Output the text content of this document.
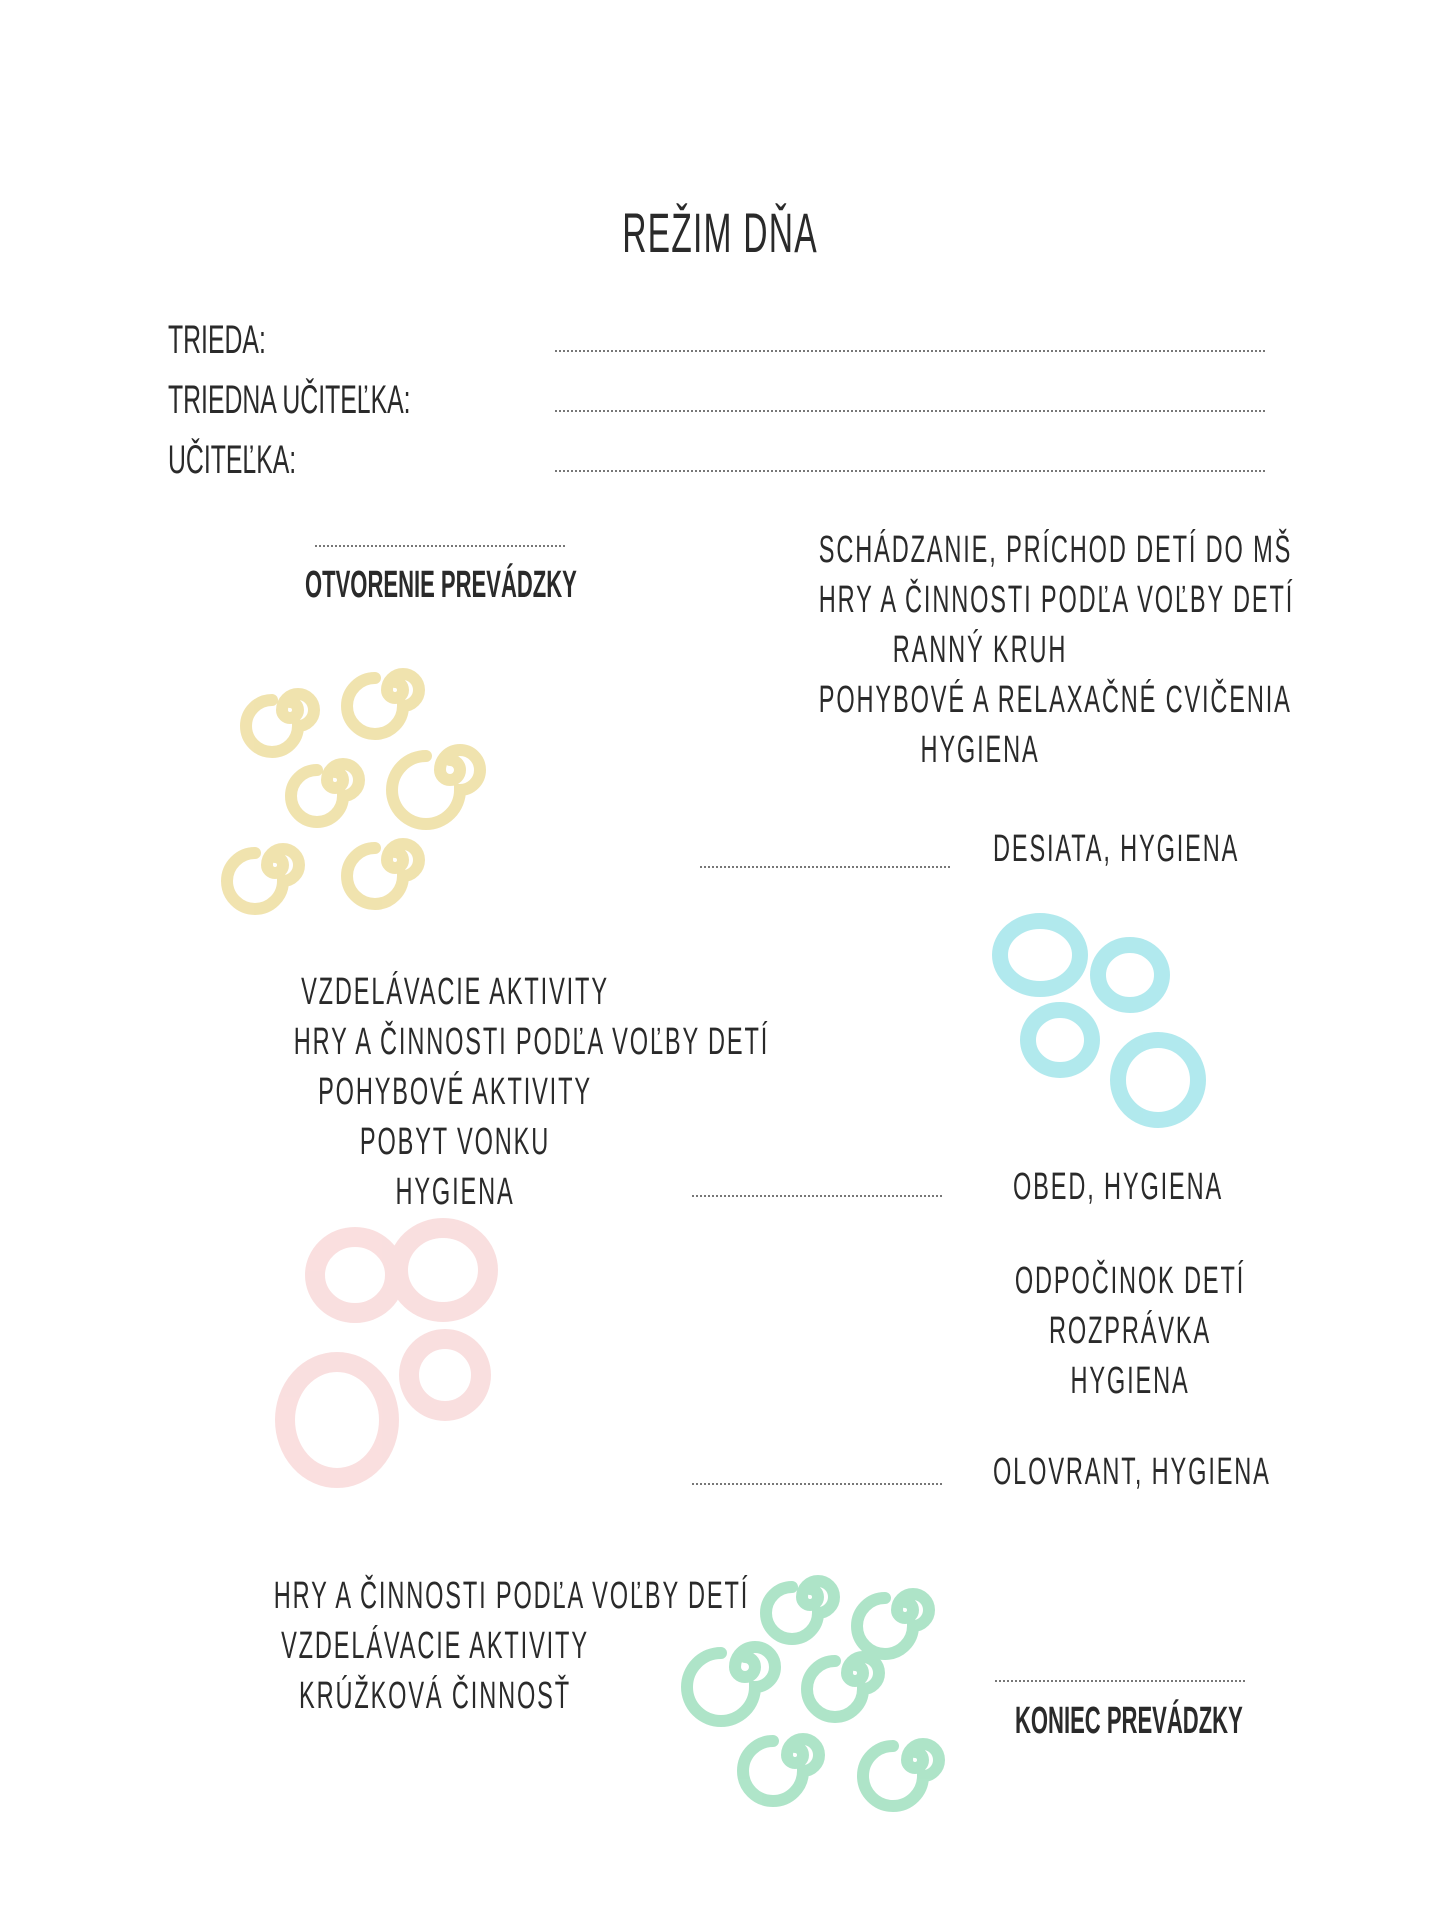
REŽIM DŇA
TRIEDA:
TRIEDNA UČITEĽKA:
UČITEĽKA:
OTVORENIE PREVÁDZKY
SCHÁDZANIE, PRÍCHOD DETÍ DO MŠ
HRY A ČINNOSTI PODĽA VOĽBY DETÍ
RANNÝ KRUH
POHYBOVÉ A RELAXAČNÉ CVIČENIA
HYGIENA
DESIATA, HYGIENA
VZDELÁVACIE AKTIVITY
HRY A ČINNOSTI PODĽA VOĽBY DETÍ
POHYBOVÉ AKTIVITY
POBYT VONKU
HYGIENA	OBED, HYGIENA
ODPOČINOK DETÍ
ROZPRÁVKA
HYGIENA
OLOVRANT, HYGIENA
HRY A ČINNOSTI PODĽA VOĽBY DETÍ
VZDELÁVACIE AKTIVITY
KRÚŽKOVÁ ČINNOSŤ
KONIEC PREVÁDZKY
